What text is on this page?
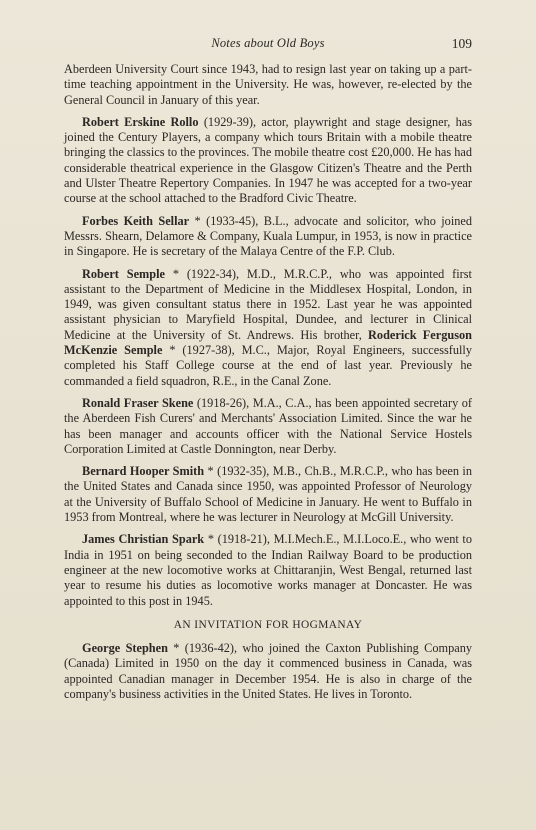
Notes about Old Boys	109

Aberdeen University Court since 1943, had to resign last year on taking up a part-time teaching appointment in the University. He was, however, re-elected by the General Council in January of this year.

Robert Erskine Rollo (1929-39), actor, playwright and stage designer, has joined the Century Players, a company which tours Britain with a mobile theatre bringing the classics to the provinces. The mobile theatre cost £20,000. He has had considerable theatrical experience in the Glasgow Citizen's Theatre and the Perth and Ulster Theatre Repertory Companies. In 1947 he was accepted for a two-year course at the school attached to the Bradford Civic Theatre.

Forbes Keith Sellar * (1933-45), B.L., advocate and solicitor, who joined Messrs. Shearn, Delamore & Company, Kuala Lumpur, in 1953, is now in practice in Singapore. He is secretary of the Malaya Centre of the F.P. Club.

Robert Semple * (1922-34), M.D., M.R.C.P., who was appointed first assistant to the Department of Medicine in the Middlesex Hospital, London, in 1949, was given consultant status there in 1952. Last year he was appointed assistant physician to Maryfield Hospital, Dundee, and lecturer in Clinical Medicine at the University of St. Andrews. His brother, Roderick Ferguson McKenzie Semple * (1927-38), M.C., Major, Royal Engineers, successfully completed his Staff College course at the end of last year. Previously he commanded a field squadron, R.E., in the Canal Zone.

Ronald Fraser Skene (1918-26), M.A., C.A., has been appointed secretary of the Aberdeen Fish Curers' and Merchants' Association Limited. Since the war he has been manager and accounts officer with the National Service Hostels Corporation Limited at Castle Donnington, near Derby.

Bernard Hooper Smith * (1932-35), M.B., Ch.B., M.R.C.P., who has been in the United States and Canada since 1950, was appointed Professor of Neurology at the University of Buffalo School of Medicine in January. He went to Buffalo in 1953 from Montreal, where he was lecturer in Neurology at McGill University.

James Christian Spark * (1918-21), M.I.Mech.E., M.I.Loco.E., who went to India in 1951 on being seconded to the Indian Railway Board to be production engineer at the new locomotive works at Chittaranjin, West Bengal, returned last year to resume his duties as locomotive works manager at Doncaster. He was appointed to this post in 1945.

AN INVITATION FOR HOGMANAY

George Stephen * (1936-42), who joined the Caxton Publishing Company (Canada) Limited in 1950 on the day it commenced business in Canada, was appointed Canadian manager in December 1954. He is also in charge of the company's business activities in the United States. He lives in Toronto.
